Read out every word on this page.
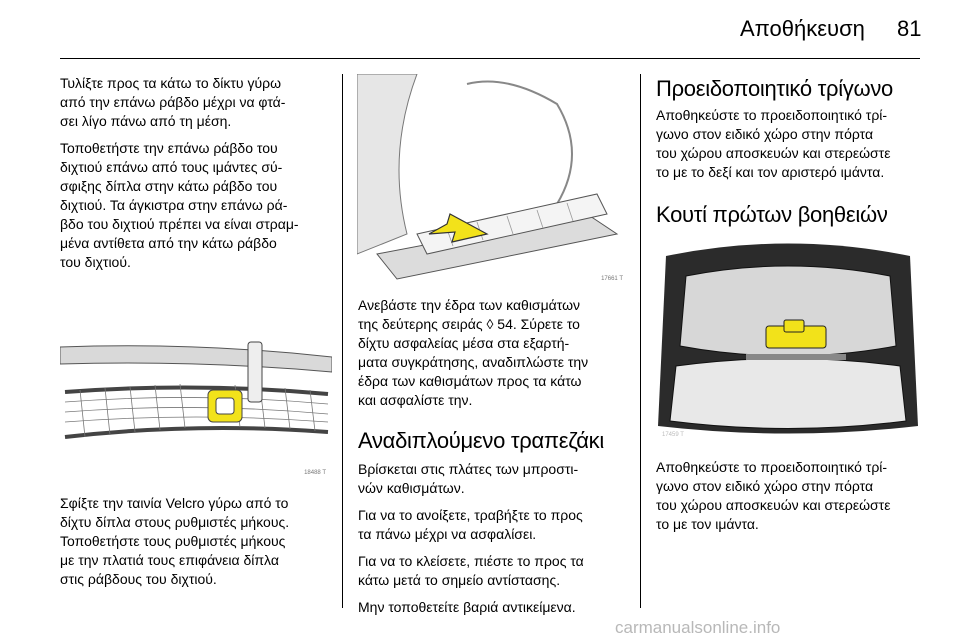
Αποθήκευση 81

Τυλίξτε προς τα κάτω το δίκτυ γύρω
από την επάνω ράβδο μέχρι να φτά-
σει λίγο πάνω από τη μέση.

Τοποθετήστε την επάνω ράβδο του
διχτιού επάνω από τους ιμάντες σύ-
σφιξης δίπλα στην κάτω ράβδο του
διχτιού. Τα άγκιστρα στην επάνω ρά-
βδο του διχτιού πρέπει να είναι στραμ-
μένα αντίθετα από την κάτω ράβδο
του διχτιού.

18488 T

Σφίξτε την ταινία Velcro γύρω από το
δίχτυ δίπλα στους ρυθμιστές μήκους.
Τοποθετήστε τους ρυθμιστές μήκους
με την πλατιά τους επιφάνεια δίπλα
στις ράβδους του διχτιού.

17661 T

Ανεβάστε την έδρα των καθισμάτων
της δεύτερης σειράς ◊ 54. Σύρετε το
δίχτυ ασφαλείας μέσα στα εξαρτή-
ματα συγκράτησης, αναδιπλώστε την
έδρα των καθισμάτων προς τα κάτω
και ασφαλίστε την.

Αναδιπλούμενο τραπεζάκι

Βρίσκεται στις πλάτες των μπροστι-
νών καθισμάτων.

Για να το ανοίξετε, τραβήξτε το προς
τα πάνω μέχρι να ασφαλίσει.

Για να το κλείσετε, πιέστε το προς τα
κάτω μετά το σημείο αντίστασης.

Μην τοποθετείτε βαριά αντικείμενα.

Προειδοποιητικό τρίγωνο

Αποθηκεύστε το προειδοποιητικό τρί-
γωνο στον ειδικό χώρο στην πόρτα
του χώρου αποσκευών και στερεώστε
το με το δεξί και τον αριστερό ιμάντα.

Κουτί πρώτων βοηθειών
17459 T

Αποθηκεύστε το προειδοποιητικό τρί-
γωνο στον ειδικό χώρο στην πόρτα
του χώρου αποσκευών και στερεώστε
το με τον ιμάντα.

carmanualsonline.info
